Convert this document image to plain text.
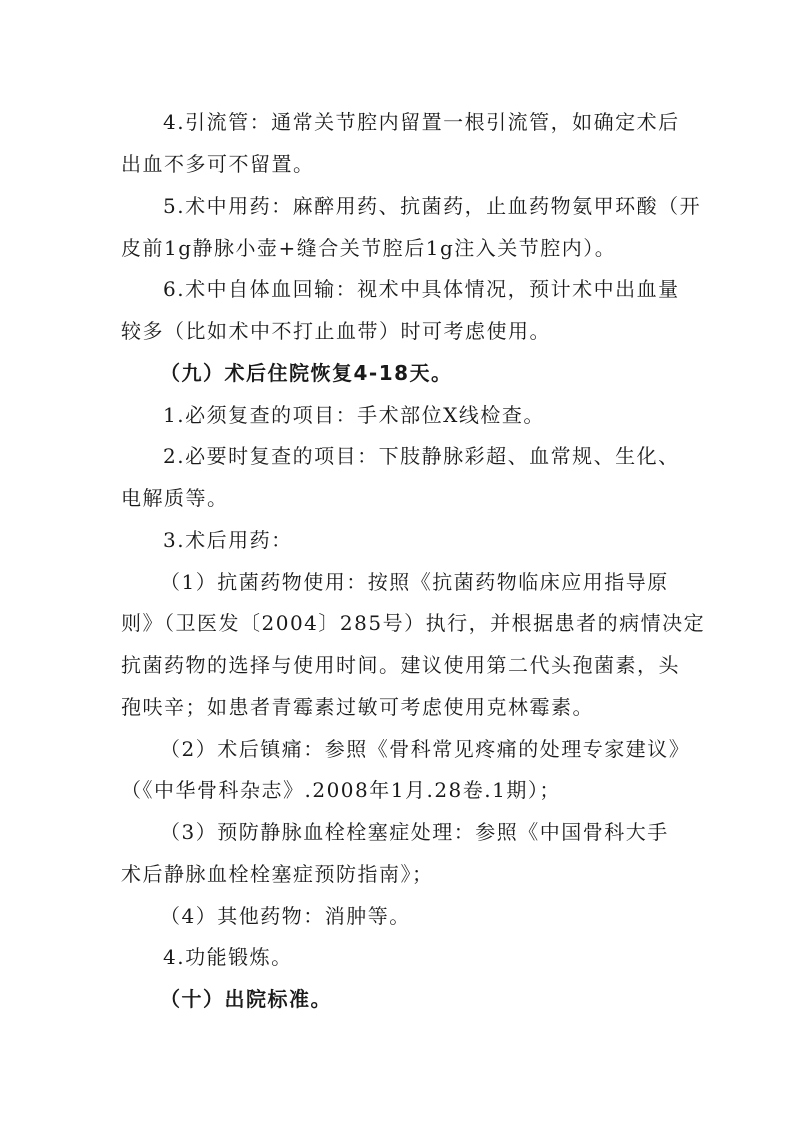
4.引流管：通常关节腔内留置一根引流管，如确定术后
出血不多可不留置。
5.术中用药：麻醉用药、抗菌药，止血药物氨甲环酸（开
皮前1g静脉小壶+缝合关节腔后1g注入关节腔内）。
6.术中自体血回输：视术中具体情况，预计术中出血量
较多（比如术中不打止血带）时可考虑使用。
（九）术后住院恢复4-18天。
1.必须复查的项目：手术部位X线检查。
2.必要时复查的项目：下肢静脉彩超、血常规、生化、
电解质等。
3.术后用药：
（1）抗菌药物使用：按照《抗菌药物临床应用指导原
则》（卫医发〔2004〕285号）执行，并根据患者的病情决定
抗菌药物的选择与使用时间。建议使用第二代头孢菌素，头
孢呋辛；如患者青霉素过敏可考虑使用克林霉素。
（2）术后镇痛：参照《骨科常见疼痛的处理专家建议》
（《中华骨科杂志》.2008年1月.28卷.1期）；
（3）预防静脉血栓栓塞症处理：参照《中国骨科大手
术后静脉血栓栓塞症预防指南》；
（4）其他药物：消肿等。
4.功能锻炼。
（十）出院标准。
